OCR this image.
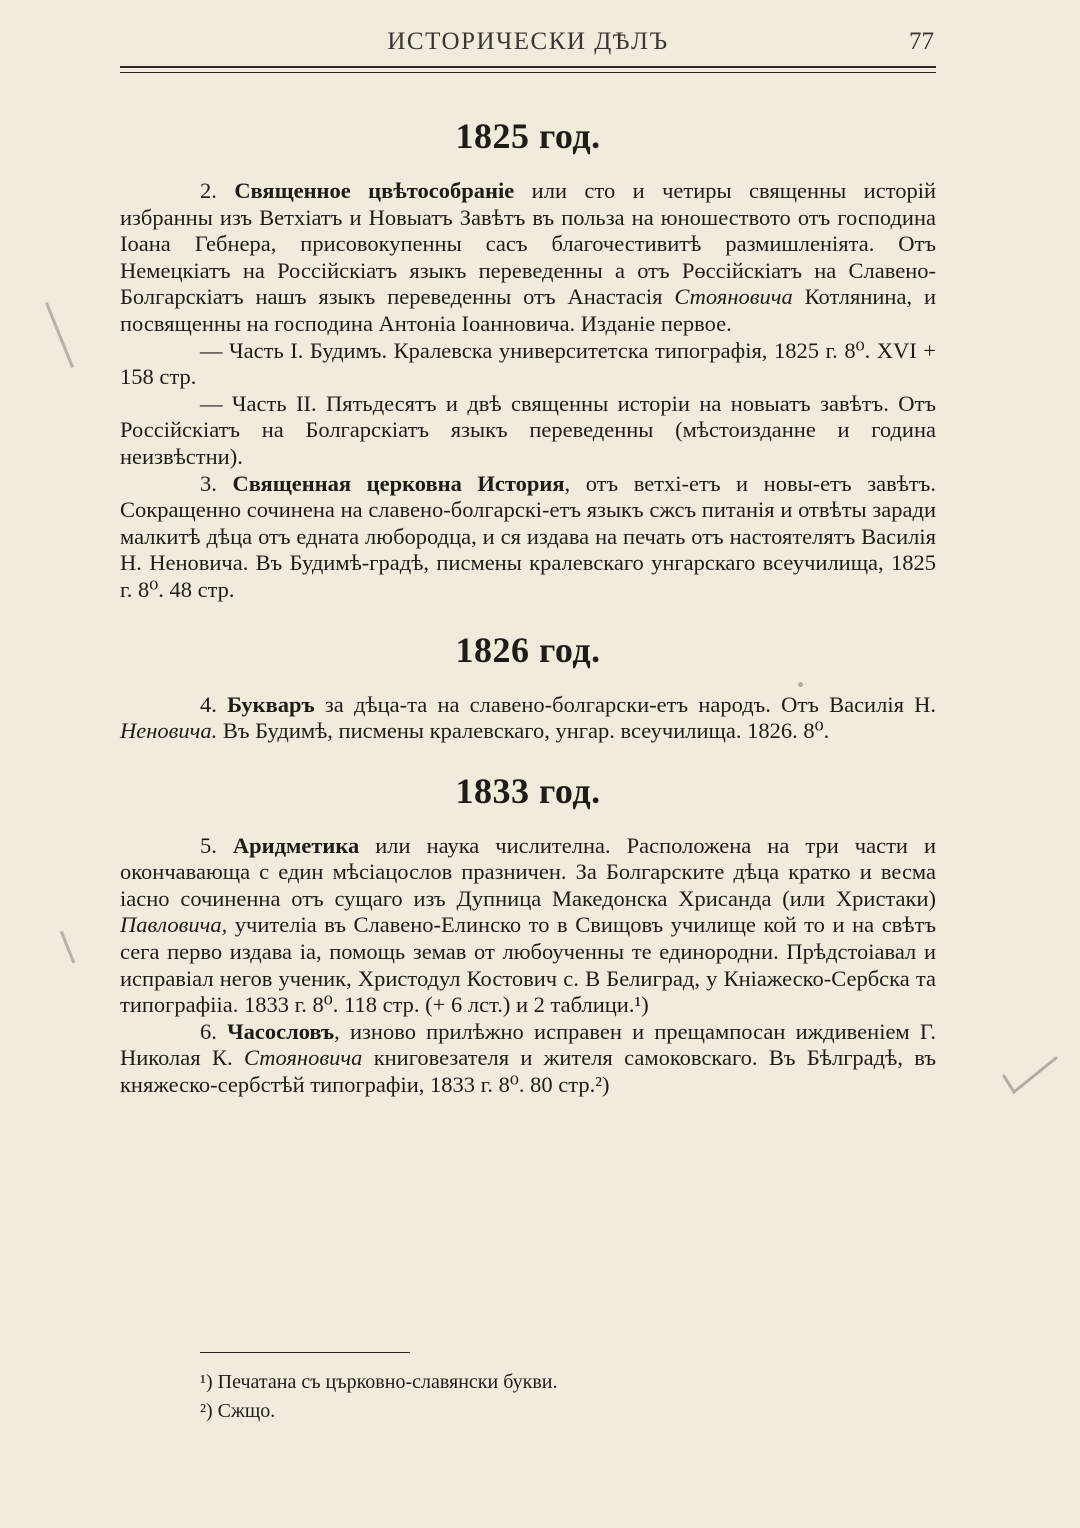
ИСТОРИЧЕСКИ ДѢЛЪ	77
1825 год.

2. Священное цвѣтособраніе или сто и четиры священны исторій избранны изъ Ветхіатъ и Новыатъ Завѣтъ въ польза на юношеството отъ господина Іоана Гебнера, присовокупенны сасъ благочестивитѣ размишленіята. Отъ Немецкіатъ на Россійскіатъ языкъ переведенны а отъ Рөссійскіатъ на Славено-Болгарскіатъ нашъ языкъ переведенны отъ Анастасія Стояновича Котлянина, и посвященны на господина Антоніа Іоанновича. Изданіе первое.

— Часть I. Будимъ. Кралевска университетска типографія, 1825 г. 8⁰. XVI + 158 стр.

— Часть II. Пятьдесятъ и двѣ священны исторіи на новыатъ завѣтъ. Отъ Россійскіатъ на Болгарскіатъ языкъ переведенны (мѣстоизданне и година неизвѣстни).

3. Священная церковна История, отъ ветхі-етъ и новы-етъ завѣтъ. Сокращенно сочинена на славено-болгарскі-етъ языкъ сжсъ питанія и отвѣты заради малкитѣ дѣца отъ едната любородца, и ся издава на печать отъ настоятелятъ Василія Н. Неновича. Въ Будимѣ-градѣ, писмены кралевскаго унгарскаго всеучилища, 1825 г. 8⁰. 48 стр.

1826 год.

4. Букваръ за дѣца-та на славено-болгарски-етъ народъ. Отъ Василія Н. Неновича. Въ Будимѣ, писмены кралевскаго, унгар. всеучилища. 1826. 8⁰.

1833 год.

5. Аридметика или наука числителна. Расположена на три части и окончавающа с един мѣсіацослов празничен. За Болгарските дѣца кратко и весма іасно сочиненна отъ сущаго изъ Дупница Македонска Хрисанда (или Христаки) Павловича, учителia въ Славено-Елинско то в Свищовъ училище кой то и на свѣтъ сега перво издава іа, помощь земав от любоученны те единородни. Прѣдстоіавал и исправіал негов ученик, Христодул Костович с. В Белиград, у Кніажеско-Сербска та типографіia. 1833 г. 8⁰. 118 стр. (+ 6 лст.) и 2 таблици.¹)

6. Часословъ, изново прилѣжно исправен и прещампосан иждивеніем Г. Николая К. Стояновича книговезателя и жителя самоковскаго. Въ Бѣлградѣ, въ княжеско-сербстѣй типографіи, 1833 г. 8⁰. 80 стр.²)

¹) Печатана съ църковно-славянски букви.
²) Сжщо.
